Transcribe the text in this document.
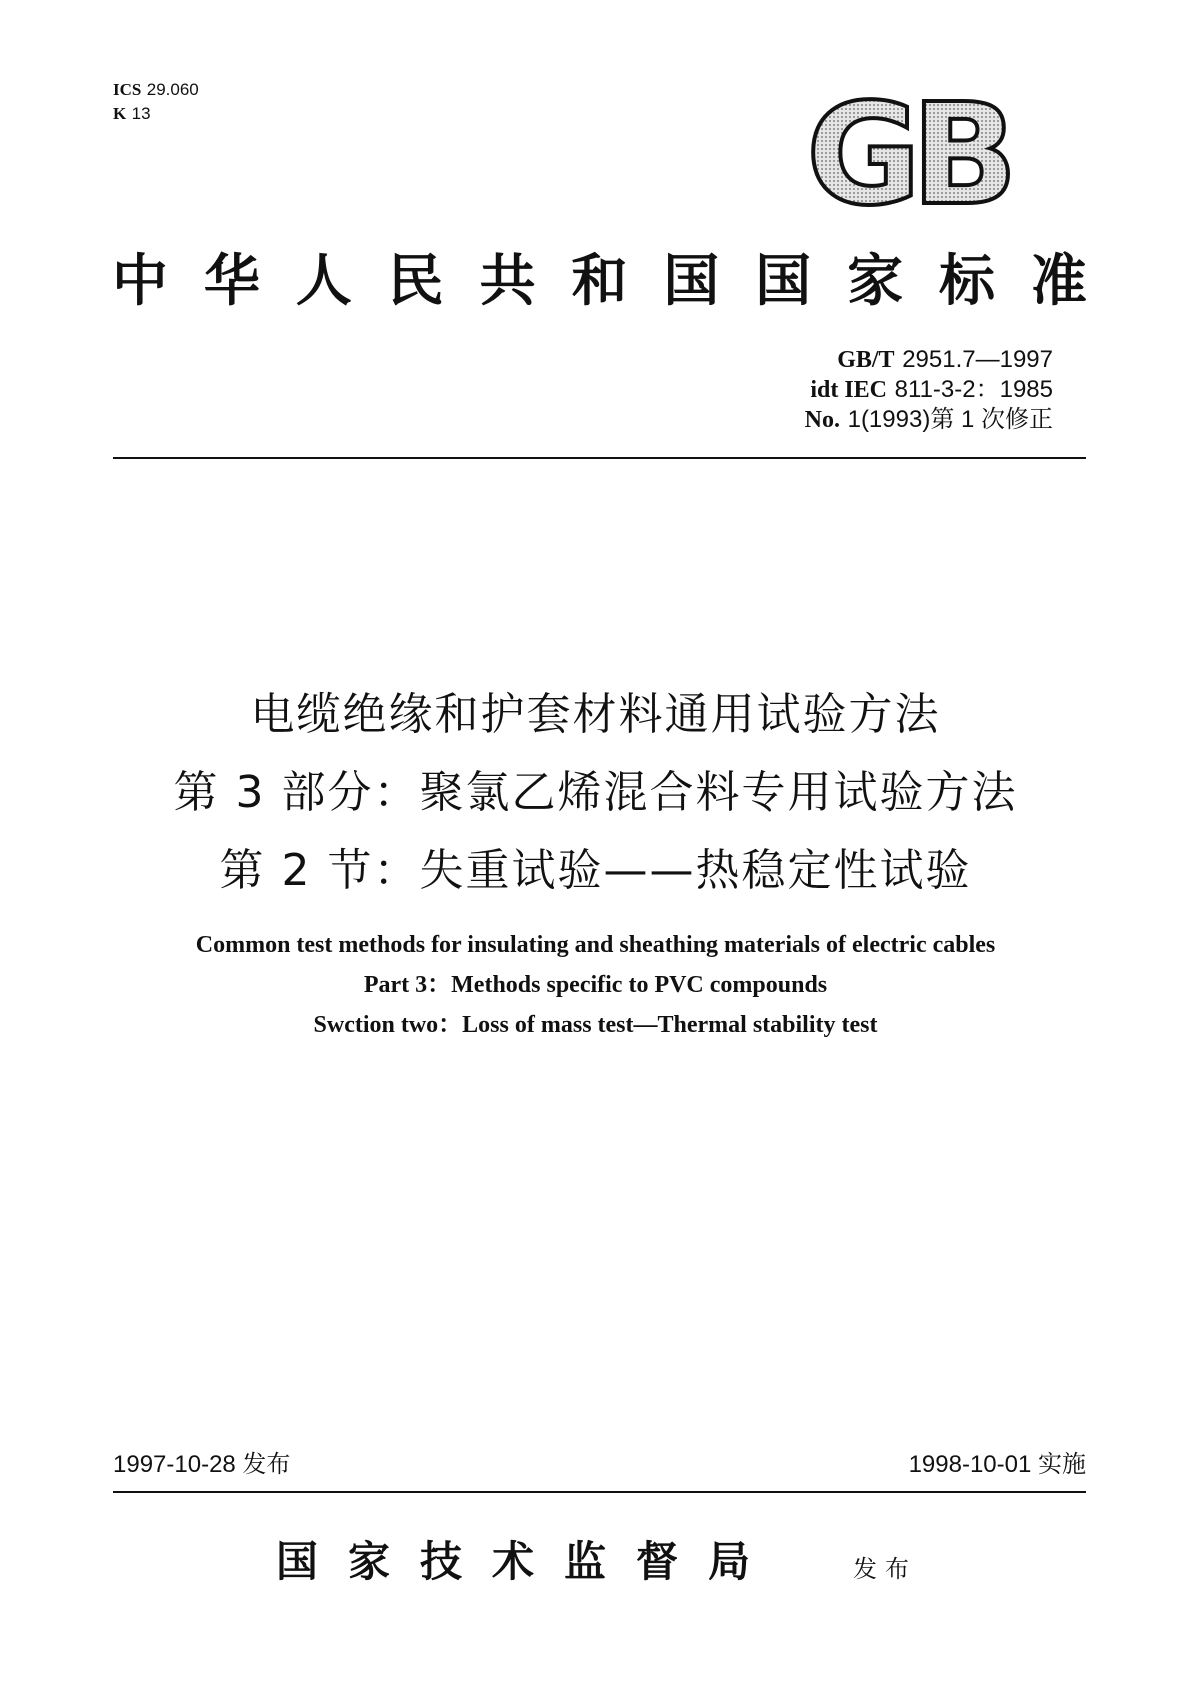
ICS 29.060
K 13	GB
中 华 人 民 共 和 国 国 家 标 准
GB/T 2951.7—1997
idt IEC 811-3-2：1985
No. 1(1993)第 1 次修正
电缆绝缘和护套材料通用试验方法
第 3 部分：聚氯乙烯混合料专用试验方法
第 2 节：失重试验——热稳定性试验
Common test methods for insulating and sheathing materials of electric cables
Part 3：Methods specific to PVC compounds
Swction two：Loss of mass test—Thermal stability test
1997-10-28 发布	1998-10-01 实施
国家技术监督局	发布
